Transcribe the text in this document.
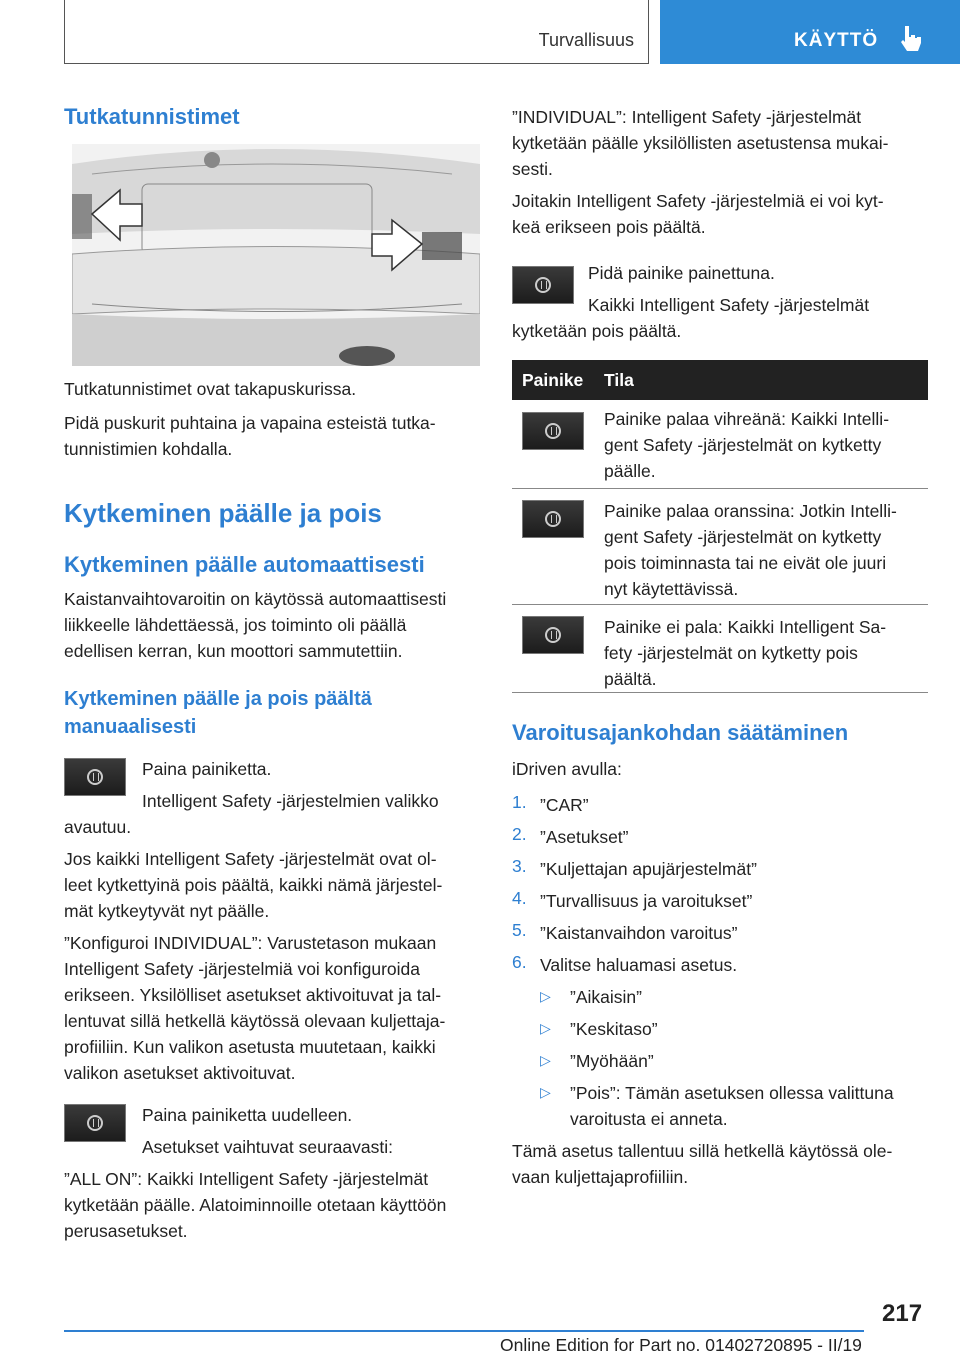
Turvallisuus	KÄYTTÖ
Tutkatunnistimet

Tutkatunnistimet ovat takapuskurissa.

Pidä puskurit puhtaina ja vapaina esteistä tutka-

tunnistimien kohdalla.

Kytkeminen päälle ja pois
Kytkeminen päälle automaattisesti

Kaistanvaihtovaroitin on käytössä automaattisesti

liikkeelle lähdettäessä, jos toiminto oli päällä

edellisen kerran, kun moottori sammutettiin.

Kytkeminen päälle ja pois päältä
manuaalisesti

Paina painiketta.

Intelligent Safety -järjestelmien valikko

avautuu.

Jos kaikki Intelligent Safety -järjestelmät ovat ol-

leet kytkettyinä pois päältä, kaikki nämä järjestel-

mät kytkeytyvät nyt päälle.

”Konfiguroi INDIVIDUAL”: Varustetason mukaan

Intelligent Safety -järjestelmiä voi konfiguroida

erikseen. Yksilölliset asetukset aktivoituvat ja tal-

lentuvat sillä hetkellä käytössä olevaan kuljettaja-

profiiliin. Kun valikon asetusta muutetaan, kaikki

valikon asetukset aktivoituvat.

Paina painiketta uudelleen.

Asetukset vaihtuvat seuraavasti:

”ALL ON”: Kaikki Intelligent Safety -järjestelmät

kytketään päälle. Alatoiminnoille otetaan käyttöön

perusasetukset.

”INDIVIDUAL”: Intelligent Safety -järjestelmät

kytketään päälle yksilöllisten asetustensa mukai-

sesti.

Joitakin Intelligent Safety -järjestelmiä ei voi kyt-

keä erikseen pois päältä.

Pidä painike painettuna.

Kaikki Intelligent Safety -järjestelmät

kytketään pois päältä.

Painike Tila

Painike palaa vihreänä: Kaikki Intelli-

gent Safety -järjestelmät on kytketty

päälle.

Painike palaa oranssina: Jotkin Intelli-

gent Safety -järjestelmät on kytketty

pois toiminnasta tai ne eivät ole juuri

nyt käytettävissä.

Painike ei pala: Kaikki Intelligent Sa-

fety -järjestelmät on kytketty pois

päältä.

Varoitusajankohdan säätäminen

iDriven avulla:

1. ”CAR”
2. ”Asetukset”
3. ”Kuljettajan apujärjestelmät”
4. ”Turvallisuus ja varoitukset”
5. ”Kaistanvaihdon varoitus”
6. Valitse haluamasi asetus.
▷ ”Aikaisin”
▷ ”Keskitaso”
▷ ”Myöhään”
▷ ”Pois”: Tämän asetuksen ollessa valittuna
varoitusta ei anneta.

Tämä asetus tallentuu sillä hetkellä käytössä ole-

vaan kuljettajaprofiiliin.

217
Online Edition for Part no. 01402720895 - II/19
